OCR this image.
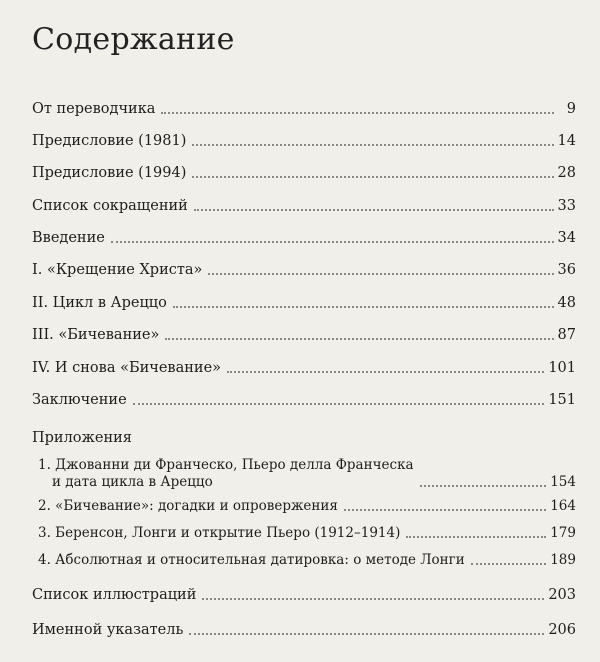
Содержание
От переводчика	9
Предисловие (1981)	14
Предисловие (1994)	28
Список сокращений	33
Введение	34
I. «Крещение Христа»	36
II. Цикл в Ареццо	48
III. «Бичевание»	87
IV. И снова «Бичевание»	101
Заключение	151
Приложения
1. Джованни ди Франческо, Пьеро делла Франческа
и дата цикла в Ареццо	154
2. «Бичевание»: догадки и опровержения	164
3. Беренсон, Лонги и открытие Пьеро (1912–1914)	179
4. Абсолютная и относительная датировка: о методе Лонги	189
Список иллюстраций	203
Именной указатель	206
